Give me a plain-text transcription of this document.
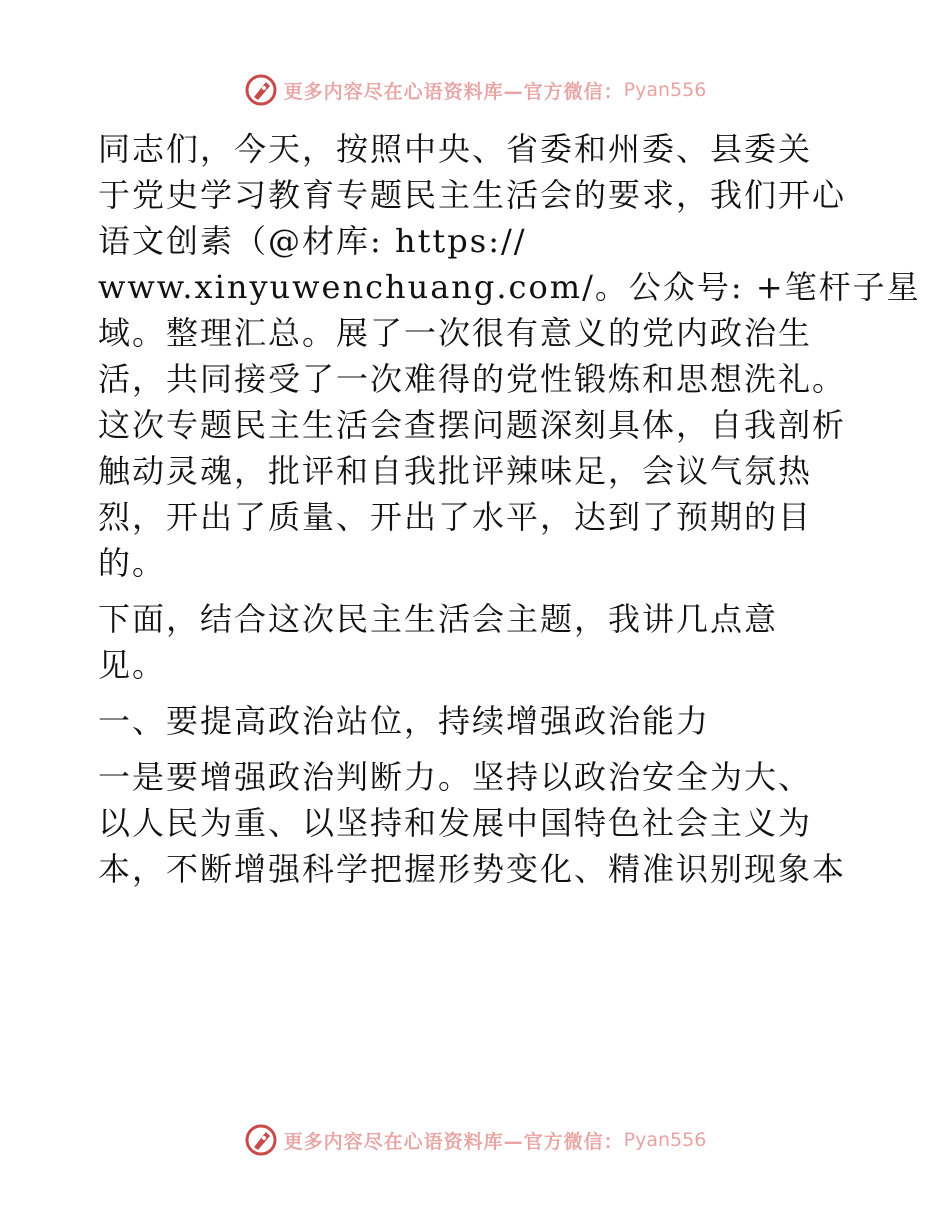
更多内容尽在心语资料库—官方微信： Pyan556
同志们，今天，按照中央、省委和州委、县委关
于党史学习教育专题民主生活会的要求，我们开心
语文创素（@材库: https://
www.xinyuwenchuang.com/。公众号: +笔杆子星
域。整理汇总。展了一次很有意义的党内政治生
活，共同接受了一次难得的党性锻炼和思想洗礼。
这次专题民主生活会查摆问题深刻具体，自我剖析
触动灵魂，批评和自我批评辣味足，会议气氛热
烈，开出了质量、开出了水平，达到了预期的目
的。
下面，结合这次民主生活会主题，我讲几点意
见。
一、要提高政治站位，持续增强政治能力
一是要增强政治判断力。坚持以政治安全为大、
以人民为重、以坚持和发展中国特色社会主义为
本，不断增强科学把握形势变化、精准识别现象本
更多内容尽在心语资料库—官方微信： Pyan556
